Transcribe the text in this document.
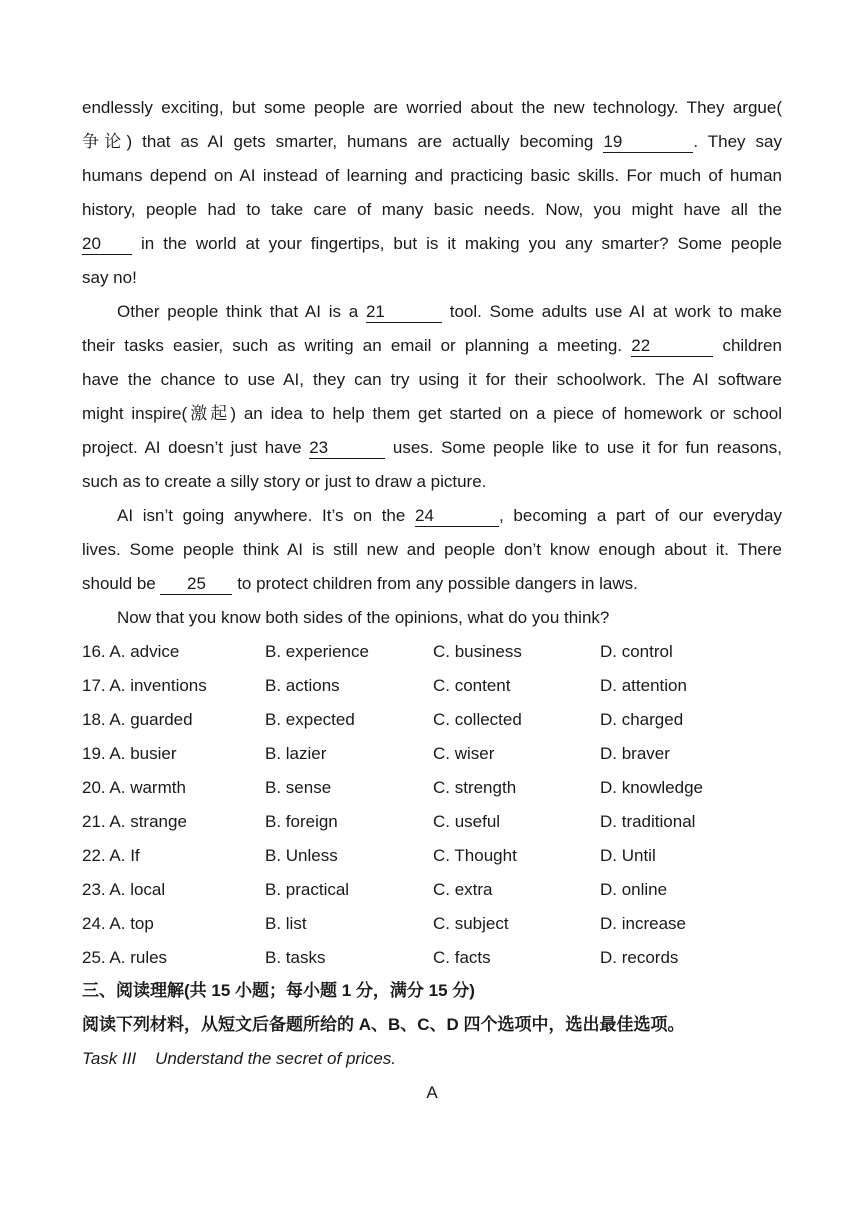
endlessly exciting, but some people are worried about the new technology. They argue(
争论) that as AI gets smarter, humans are actually becoming 19	. They say
humans depend on AI instead of learning and practicing basic skills. For much of human
history, people had to take care of many basic needs. Now, you might have all the
20 in the world at your fingertips, but is it making you any smarter? Some people
say no!
Other people think that AI is a 21	tool. Some adults use AI at work to make
their tasks easier, such as writing an email or planning a meeting. 22	children
have the chance to use AI, they can try using it for their schoolwork. The AI software
might inspire(激起) an idea to help them get started on a piece of homework or school
project. AI doesn’t just have 23	uses. Some people like to use it for fun reasons,
such as to create a silly story or just to draw a picture.
AI isn’t going anywhere. It’s on the 24	, becoming a part of our everyday
lives. Some people think AI is still new and people don’t know enough about it. There
should be 25 to protect children from any possible dangers in laws.
Now that you know both sides of the opinions, what do you think?
16. A. advice	B. experience	C. business	D. control
17. A. inventions	B. actions	C. content	D. attention
18. A. guarded	B. expected	C. collected	D. charged
19. A. busier	B. lazier	C. wiser	D. braver
20. A. warmth	B. sense	C. strength	D. knowledge
21. A. strange	B. foreign	C. useful	D. traditional
22. A. If	B. Unless	C. Thought	D. Until
23. A. local	B. practical	C. extra	D. online
24. A. top	B. list	C. subject	D. increase
25. A. rules	B. tasks	C. facts	D. records
三、阅读理解(共 15 小题；每小题 1 分，满分 15 分)
阅读下列材料，从短文后备题所给的 A、B、C、D 四个选项中，选出最佳选项。
Task III    Understand the secret of prices.
A
